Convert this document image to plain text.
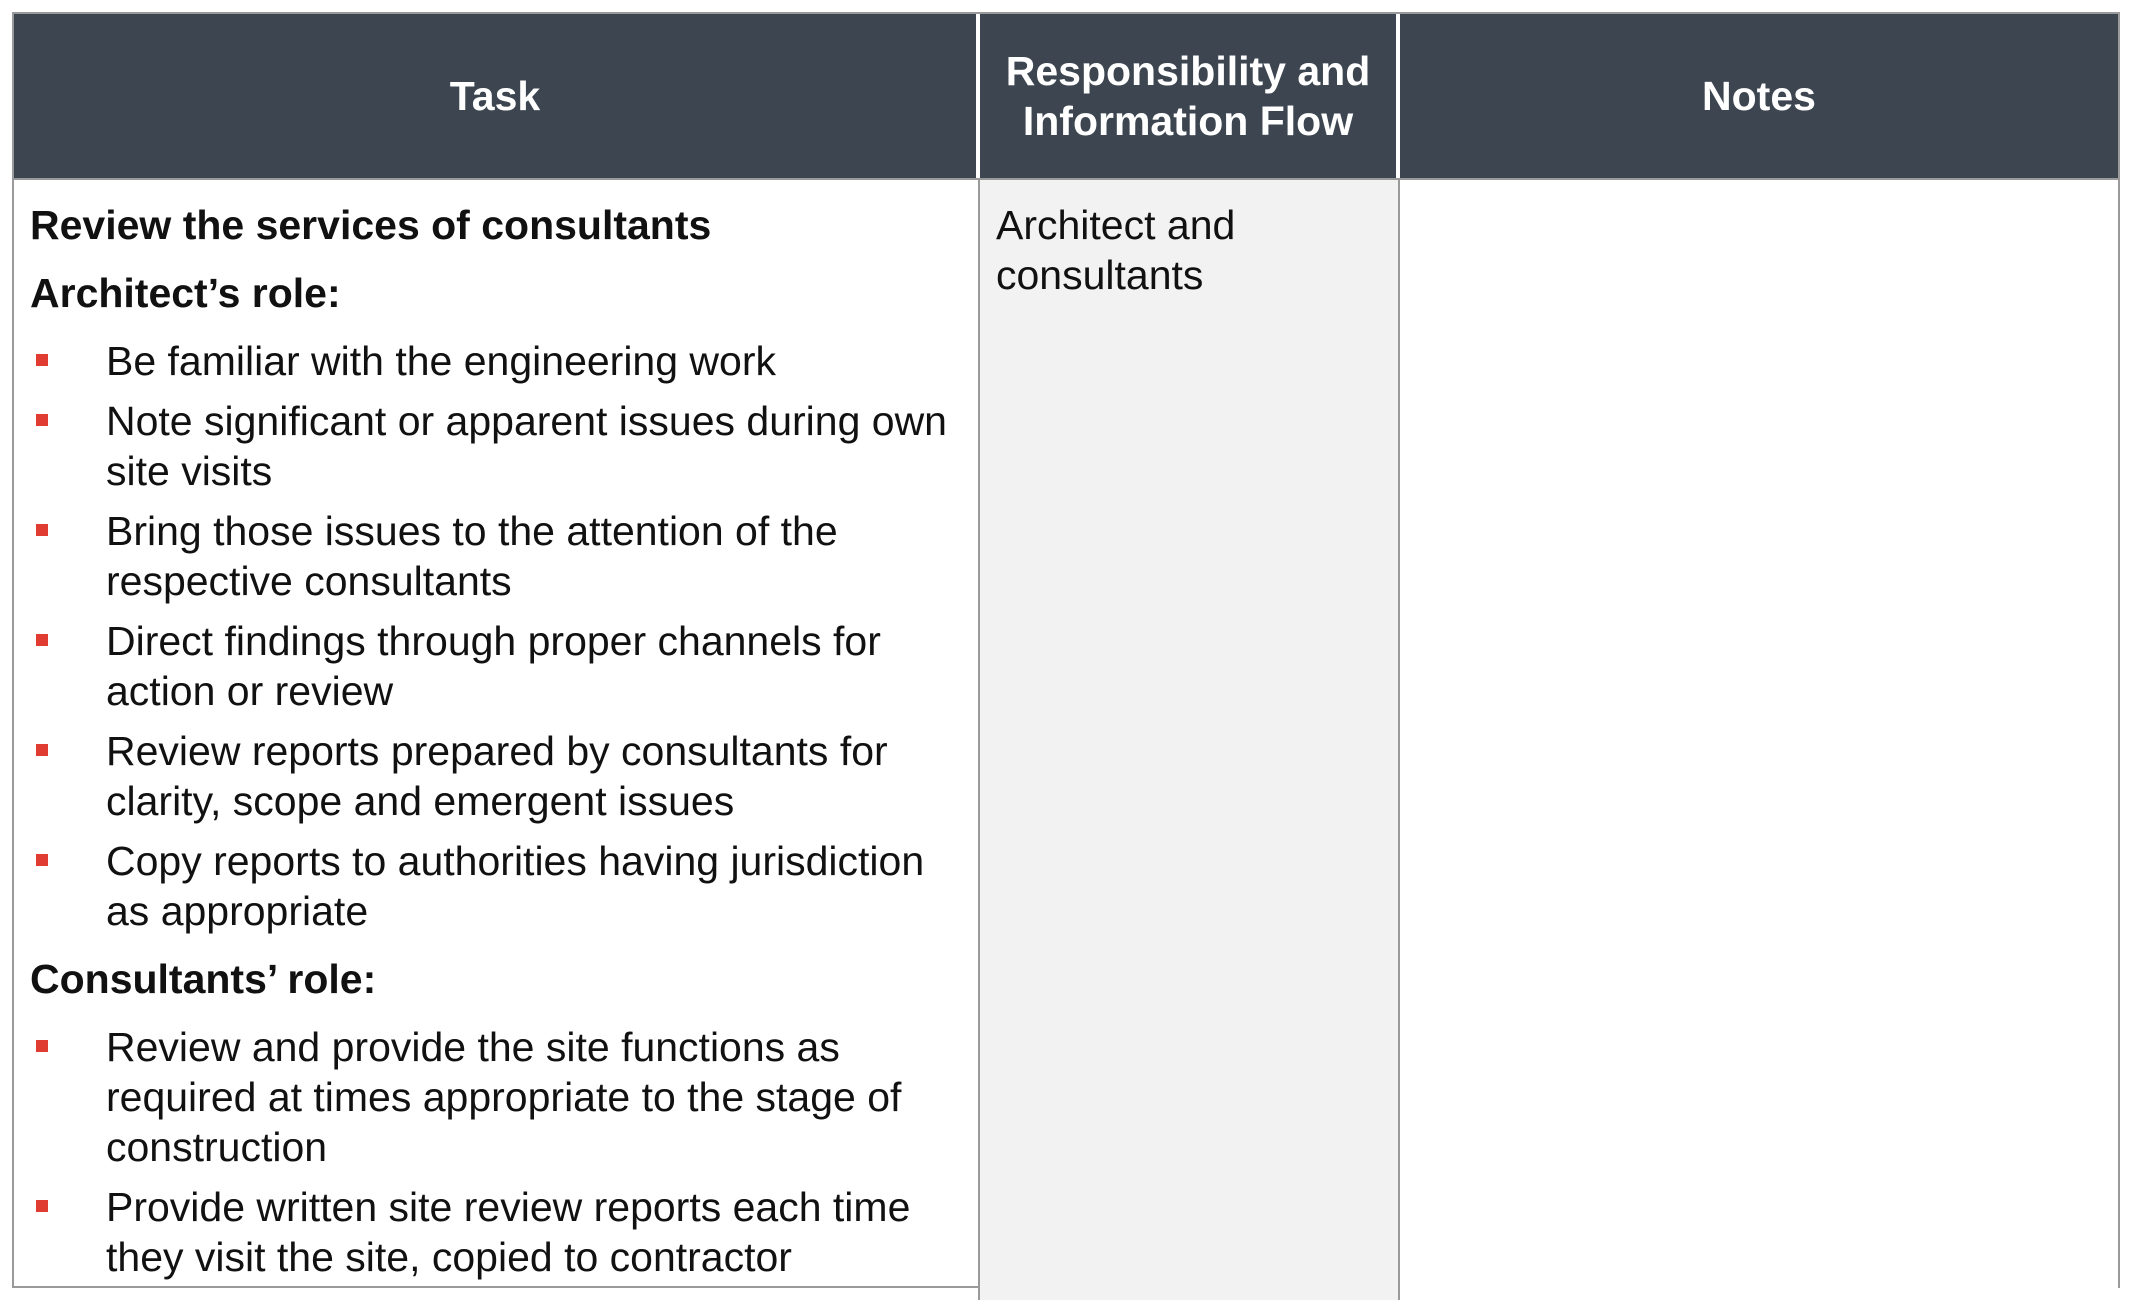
Task
Responsibility and Information Flow
Notes
Review the services of consultants
Architect’s role:
Be familiar with the engineering work
Note significant or apparent issues during own site visits
Bring those issues to the attention of the respective consultants
Direct findings through proper channels for action or review
Review reports prepared by consultants for clarity, scope and emergent issues
Copy reports to authorities having jurisdiction as appropriate
Consultants’ role:
Review and provide the site functions as required at times appropriate to the stage of construction
Provide written site review reports each time they visit the site, copied to contractor
Architect and consultants
